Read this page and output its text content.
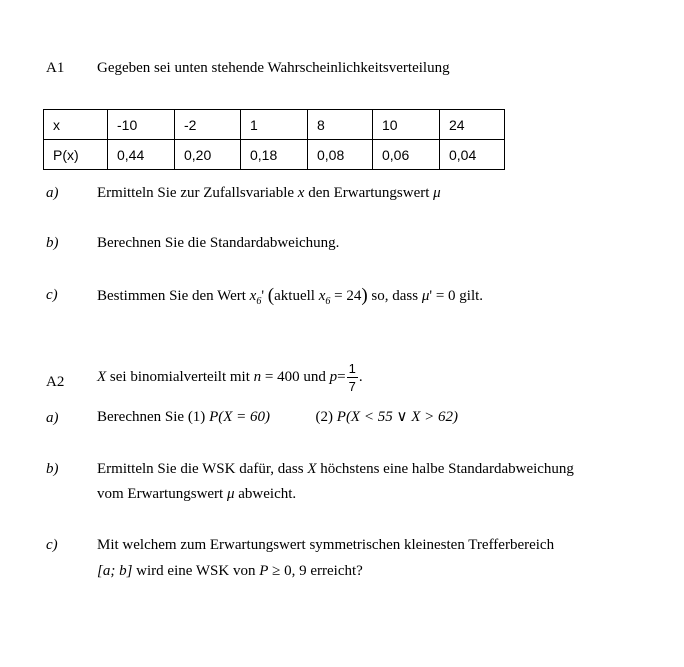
A1 Gegeben sei unten stehende Wahrscheinlichkeitsverteilung
x	-10	-2	1	8	10	24
P(x)	0,44	0,20	0,18	0,08	0,06	0,04
a)	Ermitteln Sie zur Zufallsvariable x den Erwartungswert μ
b)	Berechnen Sie die Standardabweichung.
c)	Bestimmen Sie den Wert $x_6'$ (aktuell $x_6 = 24$) so, dass μ' = 0 gilt.
A2 X sei binomialverteilt mit n = 400 und $p= \frac{1}{7}$ .
a)	Berechnen Sie (1) P(X = 60)	(2) P(X < 55 ∨ X > 62)
b)	Ermitteln Sie die WSK dafür, dass X höchstens eine halbe Standardabweichung
vom Erwartungswert μ abweicht.
c)	Mit welchem zum Erwartungswert symmetrischen kleinesten Trefferbereich
[a; b] wird eine WSK von P ≥ 0, 9 erreicht?
